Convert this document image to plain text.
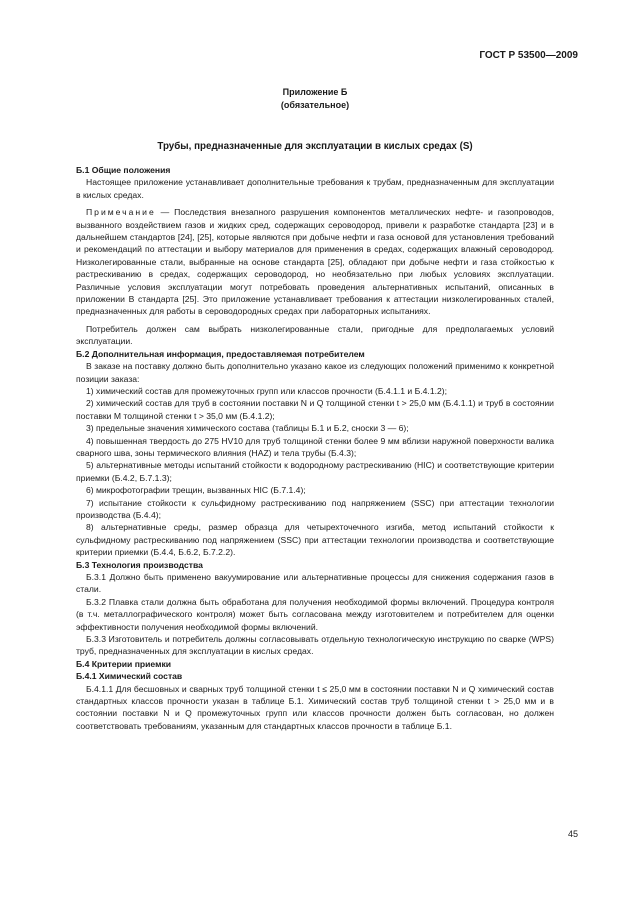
ГОСТ Р 53500—2009
Приложение Б
(обязательное)
Трубы, предназначенные для эксплуатации в кислых средах (S)

Б.1 Общие положения

Настоящее приложение устанавливает дополнительные требования к трубам, предназначенным для эксплуатации в кислых средах.

Примечание — Последствия внезапного разрушения компонентов металлических нефте- и газопроводов, вызванного воздействием газов и жидких сред, содержащих сероводород, привели к разработке стандарта [23] и в дальнейшем стандартов [24], [25], которые являются при добыче нефти и газа основой для установления требований и рекомендаций по аттестации и выбору материалов для применения в средах, содержащих влажный сероводород. Низколегированные стали, выбранные на основе стандарта [25], обладают при добыче нефти и газа стойкостью к растрескиванию в средах, содержащих сероводород, но необязательно при любых условиях эксплуатации. Различные условия эксплуатации могут потребовать проведения альтернативных испытаний, описанных в приложении В стандарта [25]. Это приложение устанавливает требования к аттестации низколегированных сталей, предназначенных для работы в сероводородных средах при лабораторных испытаниях.

Потребитель должен сам выбрать низколегированные стали, пригодные для предполагаемых условий эксплуатации.

Б.2 Дополнительная информация, предоставляемая потребителем

В заказе на поставку должно быть дополнительно указано какое из следующих положений применимо к конкретной позиции заказа:

1) химический состав для промежуточных групп или классов прочности (Б.4.1.1 и Б.4.1.2);

2) химический состав для труб в состоянии поставки N и Q толщиной стенки t > 25,0 мм (Б.4.1.1) и труб в состоянии поставки M толщиной стенки t > 35,0 мм (Б.4.1.2);

3) предельные значения химического состава (таблицы Б.1 и Б.2, сноски 3 — 6);

4) повышенная твердость до 275 HV10 для труб толщиной стенки более 9 мм вблизи наружной поверхности валика сварного шва, зоны термического влияния (HAZ) и тела трубы (Б.4.3);

5) альтернативные методы испытаний стойкости к водородному растрескиванию (HIC) и соответствующие критерии приемки (Б.4.2, Б.7.1.3);

6) микрофотографии трещин, вызванных HIC (Б.7.1.4);

7) испытание стойкости к сульфидному растрескиванию под напряжением (SSC) при аттестации технологии производства (Б.4.4);

8) альтернативные среды, размер образца для четырехточечного изгиба, метод испытаний стойкости к сульфидному растрескиванию под напряжением (SSC) при аттестации технологии производства и соответствующие критерии приемки (Б.4.4, Б.6.2, Б.7.2.2).

Б.3 Технология производства

Б.3.1 Должно быть применено вакуумирование или альтернативные процессы для снижения содержания газов в стали.

Б.3.2 Плавка стали должна быть обработана для получения необходимой формы включений. Процедура контроля (в т.ч. металлографического контроля) может быть согласована между изготовителем и потребителем для оценки эффективности получения необходимой формы включений.

Б.3.3 Изготовитель и потребитель должны согласовывать отдельную технологическую инструкцию по сварке (WPS) труб, предназначенных для эксплуатации в кислых средах.

Б.4 Критерии приемки

Б.4.1 Химический состав

Б.4.1.1 Для бесшовных и сварных труб толщиной стенки t ≤ 25,0 мм в состоянии поставки N и Q химический состав стандартных классов прочности указан в таблице Б.1. Химический состав труб толщиной стенки t > 25,0 мм и в состоянии поставки N и Q промежуточных групп или классов прочности должен быть согласован, но должен соответствовать требованиям, указанным для стандартных классов прочности в таблице Б.1.

45
